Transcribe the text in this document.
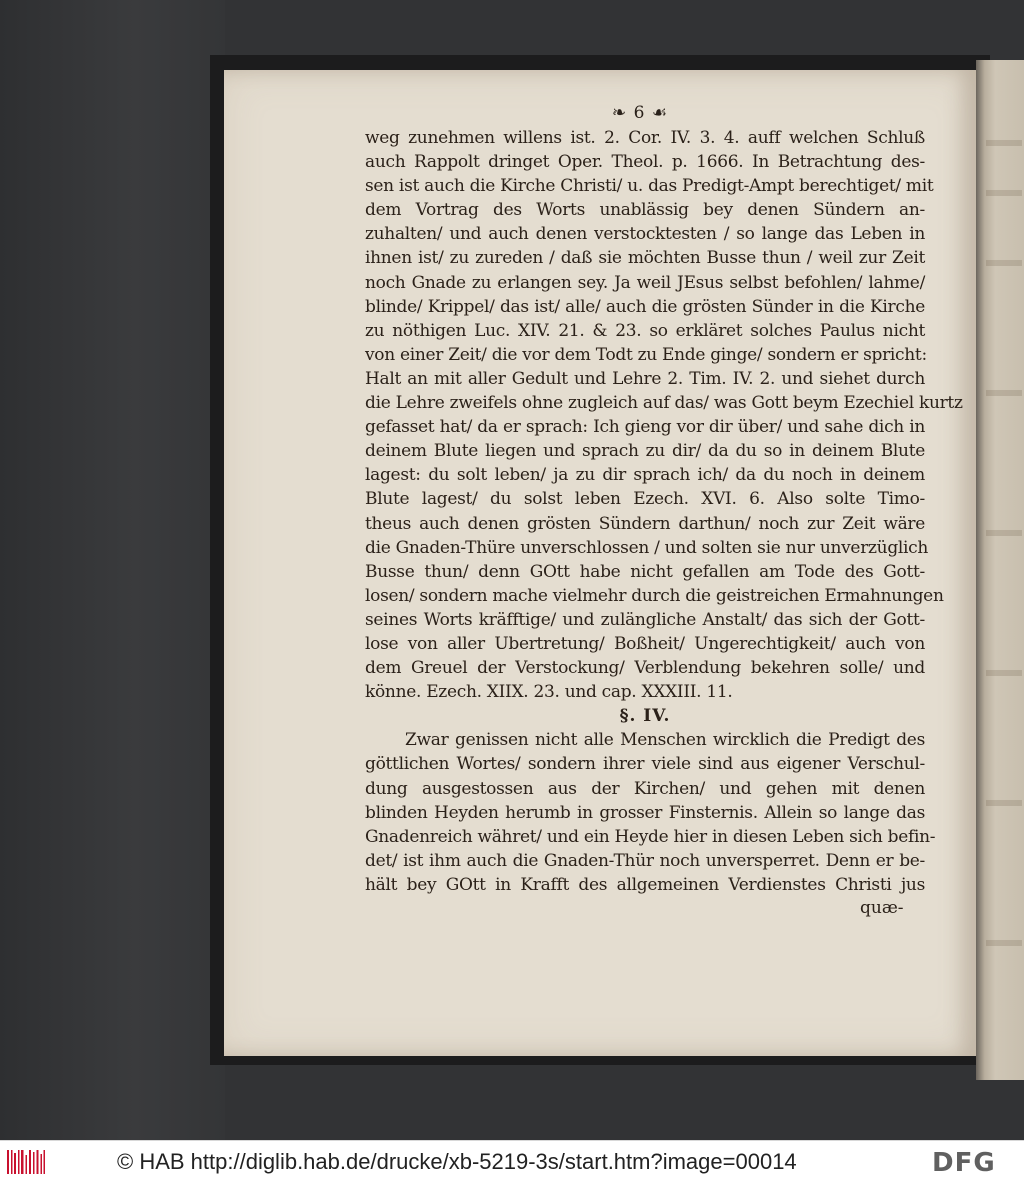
❧ 6 ☙
weg zunehmen willens ist. 2. Cor. IV. 3. 4. auff welchen Schluß
auch Rappolt dringet Oper. Theol. p. 1666. In Betrachtung des-
sen ist auch die Kirche Christi/ u. das Predigt-Ampt berechtiget/ mit
dem Vortrag des Worts unablässig bey denen Sündern an-
zuhalten/ und auch denen verstocktesten / so lange das Leben in
ihnen ist/ zu zureden / daß sie möchten Busse thun / weil zur Zeit
noch Gnade zu erlangen sey. Ja weil JEsus selbst befohlen/ lahme/
blinde/ Krippel/ das ist/ alle/ auch die grösten Sünder in die Kirche
zu nöthigen Luc. XIV. 21. & 23. so erkläret solches Paulus nicht
von einer Zeit/ die vor dem Todt zu Ende ginge/ sondern er spricht:
Halt an mit aller Gedult und Lehre 2. Tim. IV. 2. und siehet durch
die Lehre zweifels ohne zugleich auf das/ was Gott beym Ezechiel kurtz
gefasset hat/ da er sprach: Ich gieng vor dir über/ und sahe dich in
deinem Blute liegen und sprach zu dir/ da du so in deinem Blute
lagest: du solt leben/ ja zu dir sprach ich/ da du noch in deinem
Blute lagest/ du solst leben Ezech. XVI. 6. Also solte Timo-
theus auch denen grösten Sündern darthun/ noch zur Zeit wäre
die Gnaden-Thüre unverschlossen / und solten sie nur unverzüglich
Busse thun/ denn GOtt habe nicht gefallen am Tode des Gott-
losen/ sondern mache vielmehr durch die geistreichen Ermahnungen
seines Worts kräfftige/ und zulängliche Anstalt/ das sich der Gott-
lose von aller Ubertretung/ Boßheit/ Ungerechtigkeit/ auch von
dem Greuel der Verstockung/ Verblendung bekehren solle/ und
könne. Ezech. XIIX. 23. und cap. XXXIII. 11.
§. IV.
Zwar genissen nicht alle Menschen wircklich die Predigt des
göttlichen Wortes/ sondern ihrer viele sind aus eigener Verschul-
dung ausgestossen aus der Kirchen/ und gehen mit denen
blinden Heyden herumb in grosser Finsternis. Allein so lange das
Gnadenreich währet/ und ein Heyde hier in diesen Leben sich befin-
det/ ist ihm auch die Gnaden-Thür noch unversperret. Denn er be-
hält bey GOtt in Krafft des allgemeinen Verdienstes Christi jus
quæ-
© HAB http://diglib.hab.de/drucke/xb-5219-3s/start.htm?image=00014	DFG
